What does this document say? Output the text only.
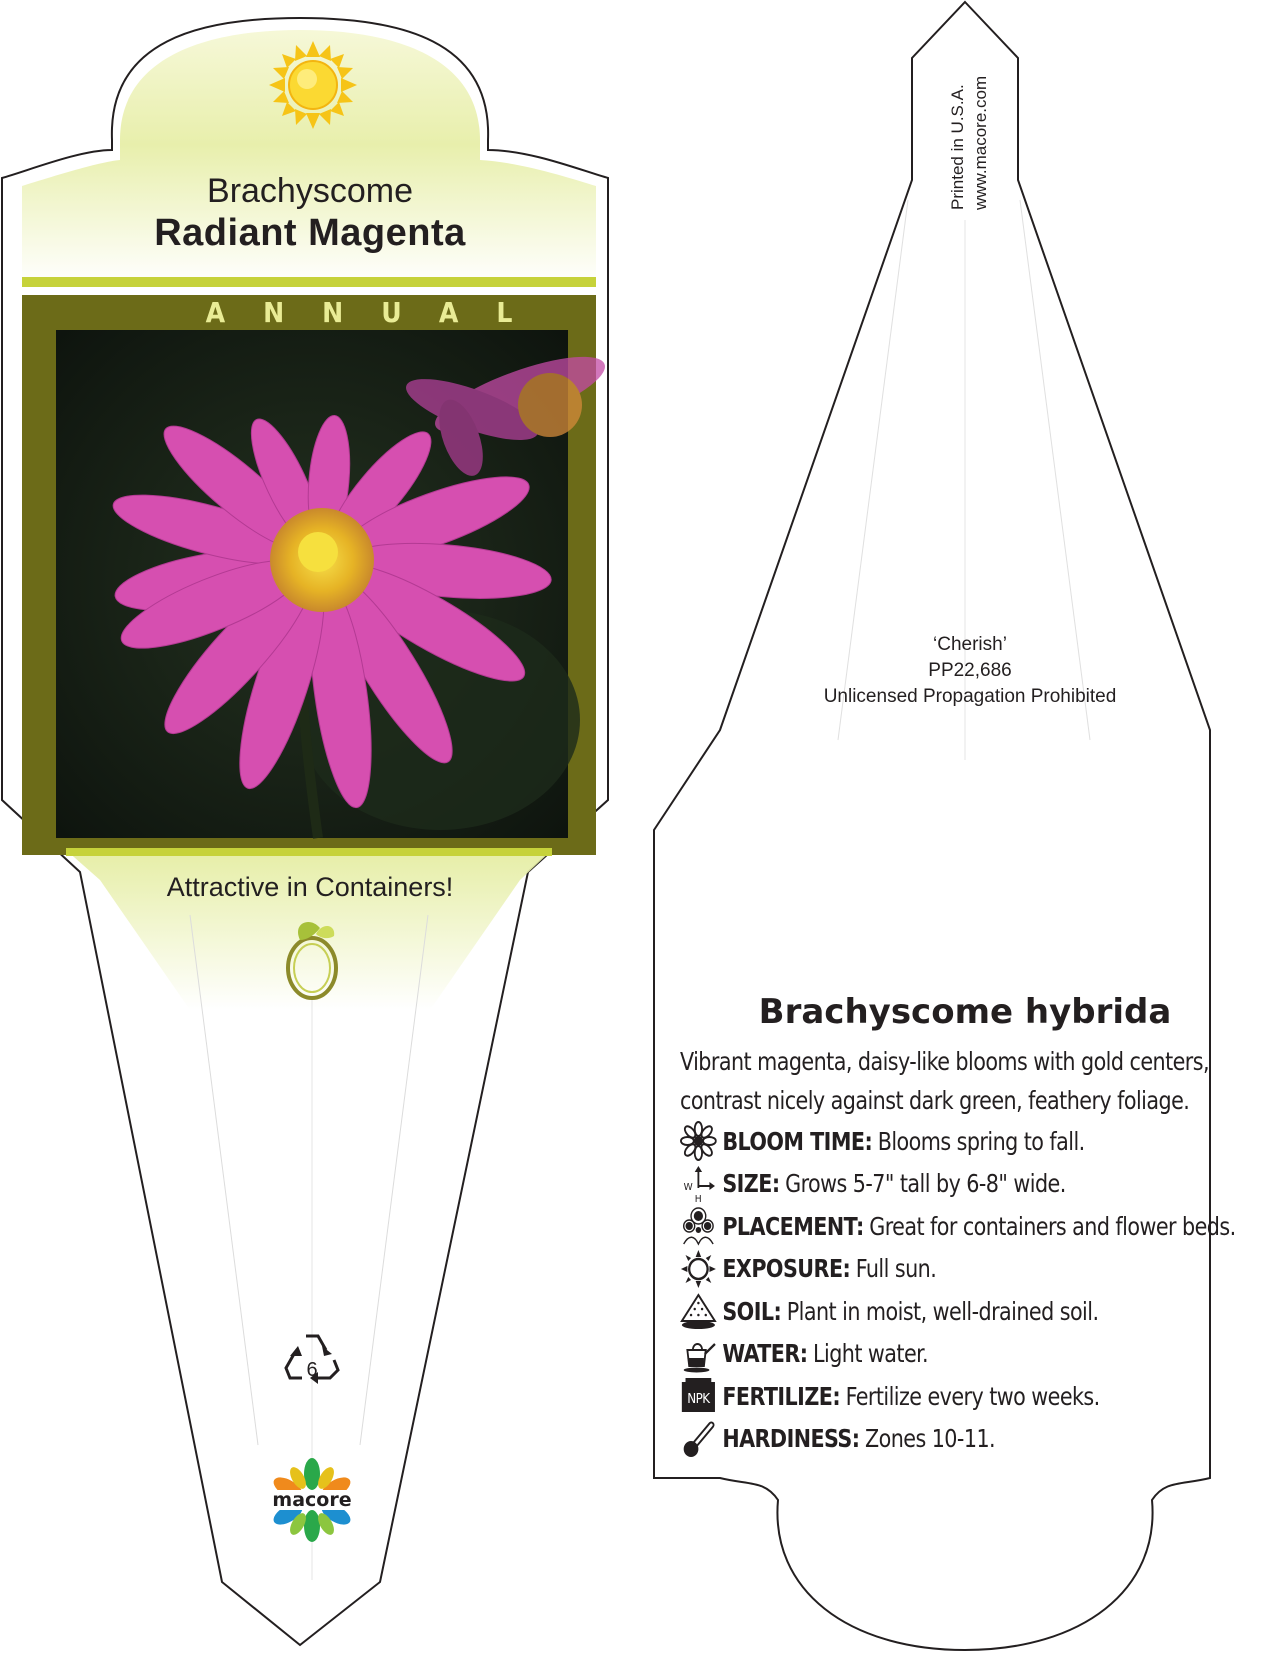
6
macore
Brachyscome
Radiant Magenta
ANNUAL
Attractive in Containers!
Printed in U.S.A. www.macore.com
‘Cherish’
PP22,686
Unlicensed Propagation Prohibited
Brachyscome hybrida
Vibrant magenta, daisy-like blooms with gold centers, contrast nicely against dark green, feathery foliage.
BLOOM TIME: Blooms spring to fall.
W
H
SIZE: Grows 5-7" tall by 6-8" wide.
PLACEMENT: Great for containers and flower beds.
EXPOSURE: Full sun.
SOIL: Plant in moist, well-drained soil.
WATER: Light water.
NPK FERTILIZE: Fertilize every two weeks.
HARDINESS: Zones 10-11.
